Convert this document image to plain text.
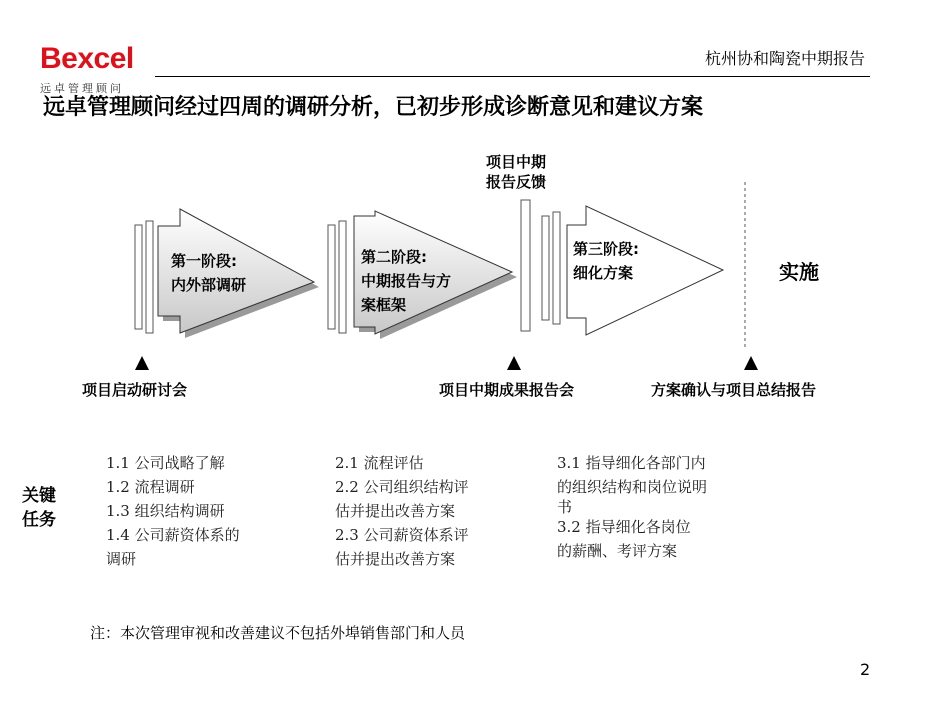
Bexcel
远卓管理顾问
杭州协和陶瓷中期报告
远卓管理顾问经过四周的调研分析，已初步形成诊断意见和建议方案
项目中期
报告反馈
第一阶段:
内外部调研
第二阶段:
中期报告与方
案框架
第三阶段:
细化方案	实施
项目启动研讨会	项目中期成果报告会	方案确认与项目总结报告
关键
任务
1.1 公司战略了解
1.2 流程调研
1.3 组织结构调研
1.4 公司薪资体系的
调研
2.1 流程评估
2.2 公司组织结构评
估并提出改善方案
2.3 公司薪资体系评
估并提出改善方案
3.1 指导细化各部门内
的组织结构和岗位说明
书
3.2 指导细化各岗位
的薪酬、考评方案
注：本次管理审视和改善建议不包括外埠销售部门和人员
2
